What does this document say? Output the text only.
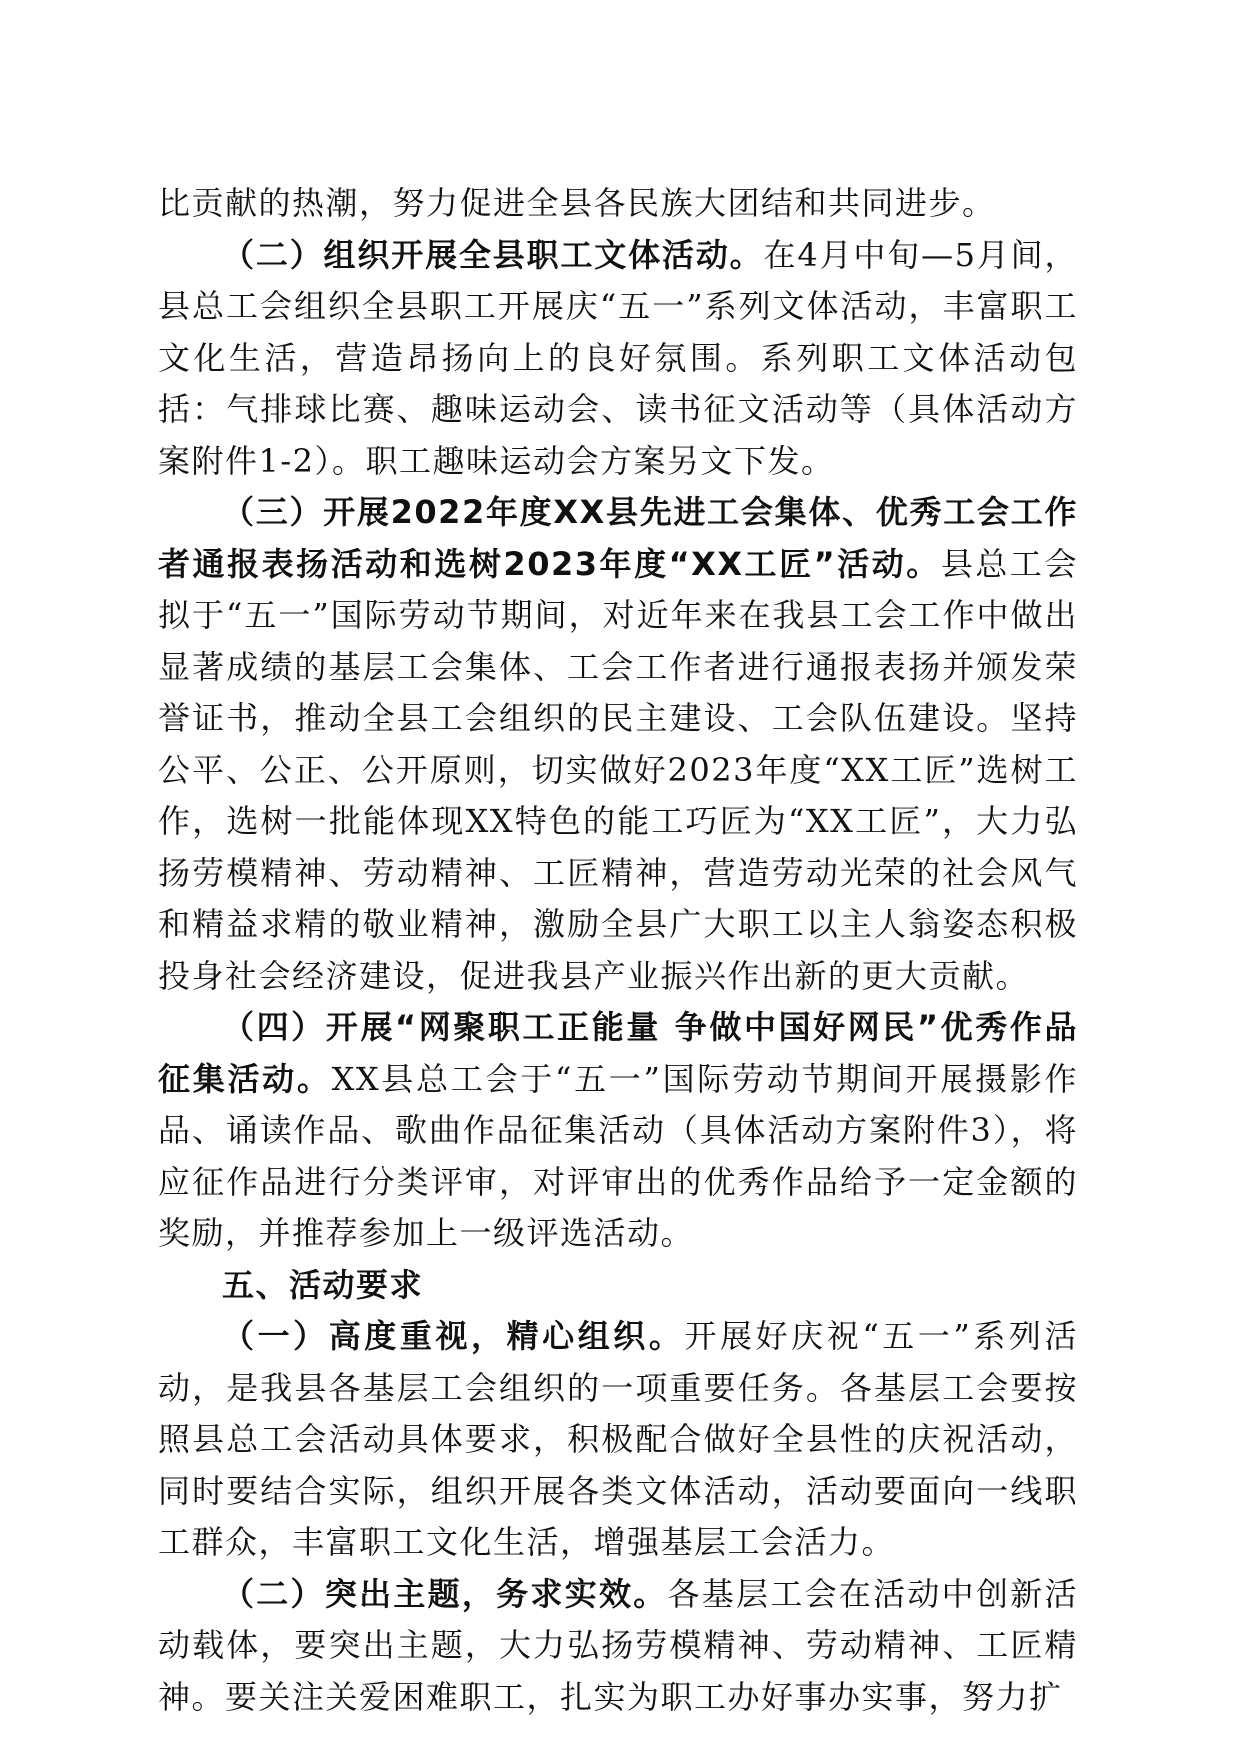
比贡献的热潮，努力促进全县各民族大团结和共同进步。

（二）组织开展全县职工文体活动。在4月中旬—5月间，县总工会组织全县职工开展庆“五一”系列文体活动，丰富职工文化生活，营造昂扬向上的良好氛围。系列职工文体活动包括：气排球比赛、趣味运动会、读书征文活动等（具体活动方案附件1-2）。职工趣味运动会方案另文下发。

（三）开展2022年度XX县先进工会集体、优秀工会工作者通报表扬活动和选树2023年度“XX工匠”活动。县总工会拟于“五一”国际劳动节期间，对近年来在我县工会工作中做出显著成绩的基层工会集体、工会工作者进行通报表扬并颁发荣誉证书，推动全县工会组织的民主建设、工会队伍建设。坚持公平、公正、公开原则，切实做好2023年度“XX工匠”选树工作，选树一批能体现XX特色的能工巧匠为“XX工匠”，大力弘扬劳模精神、劳动精神、工匠精神，营造劳动光荣的社会风气和精益求精的敬业精神，激励全县广大职工以主人翁姿态积极投身社会经济建设，促进我县产业振兴作出新的更大贡献。

（四）开展“网聚职工正能量 争做中国好网民”优秀作品征集活动。XX县总工会于“五一”国际劳动节期间开展摄影作品、诵读作品、歌曲作品征集活动（具体活动方案附件3），将应征作品进行分类评审，对评审出的优秀作品给予一定金额的奖励，并推荐参加上一级评选活动。

五、活动要求

（一）高度重视，精心组织。开展好庆祝“五一”系列活动，是我县各基层工会组织的一项重要任务。各基层工会要按照县总工会活动具体要求，积极配合做好全县性的庆祝活动，同时要结合实际，组织开展各类文体活动，活动要面向一线职工群众，丰富职工文化生活，增强基层工会活力。

（二）突出主题，务求实效。各基层工会在活动中创新活动载体，要突出主题，大力弘扬劳模精神、劳动精神、工匠精神。要关注关爱困难职工，扎实为职工办好事办实事，努力扩
